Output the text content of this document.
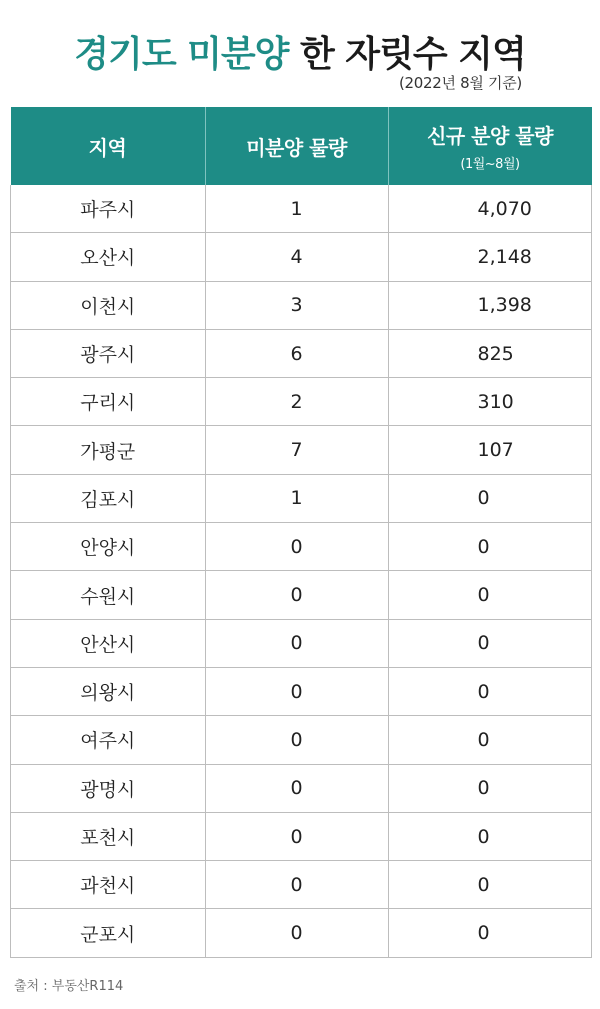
경기도 미분양 한 자릿수 지역
(2022년 8월 기준)
지역	미분양 물량	신규 분양 물량
(1월~8월)

파주시	1	4,070
오산시	4	2,148
이천시	3	1,398
광주시	6	825
구리시	2	310
가평군	7	107
김포시	1	0
안양시	0	0
수원시	0	0
안산시	0	0
의왕시	0	0
여주시	0	0
광명시	0	0
포천시	0	0
과천시	0	0
군포시	0	0
출처 : 부동산R114
